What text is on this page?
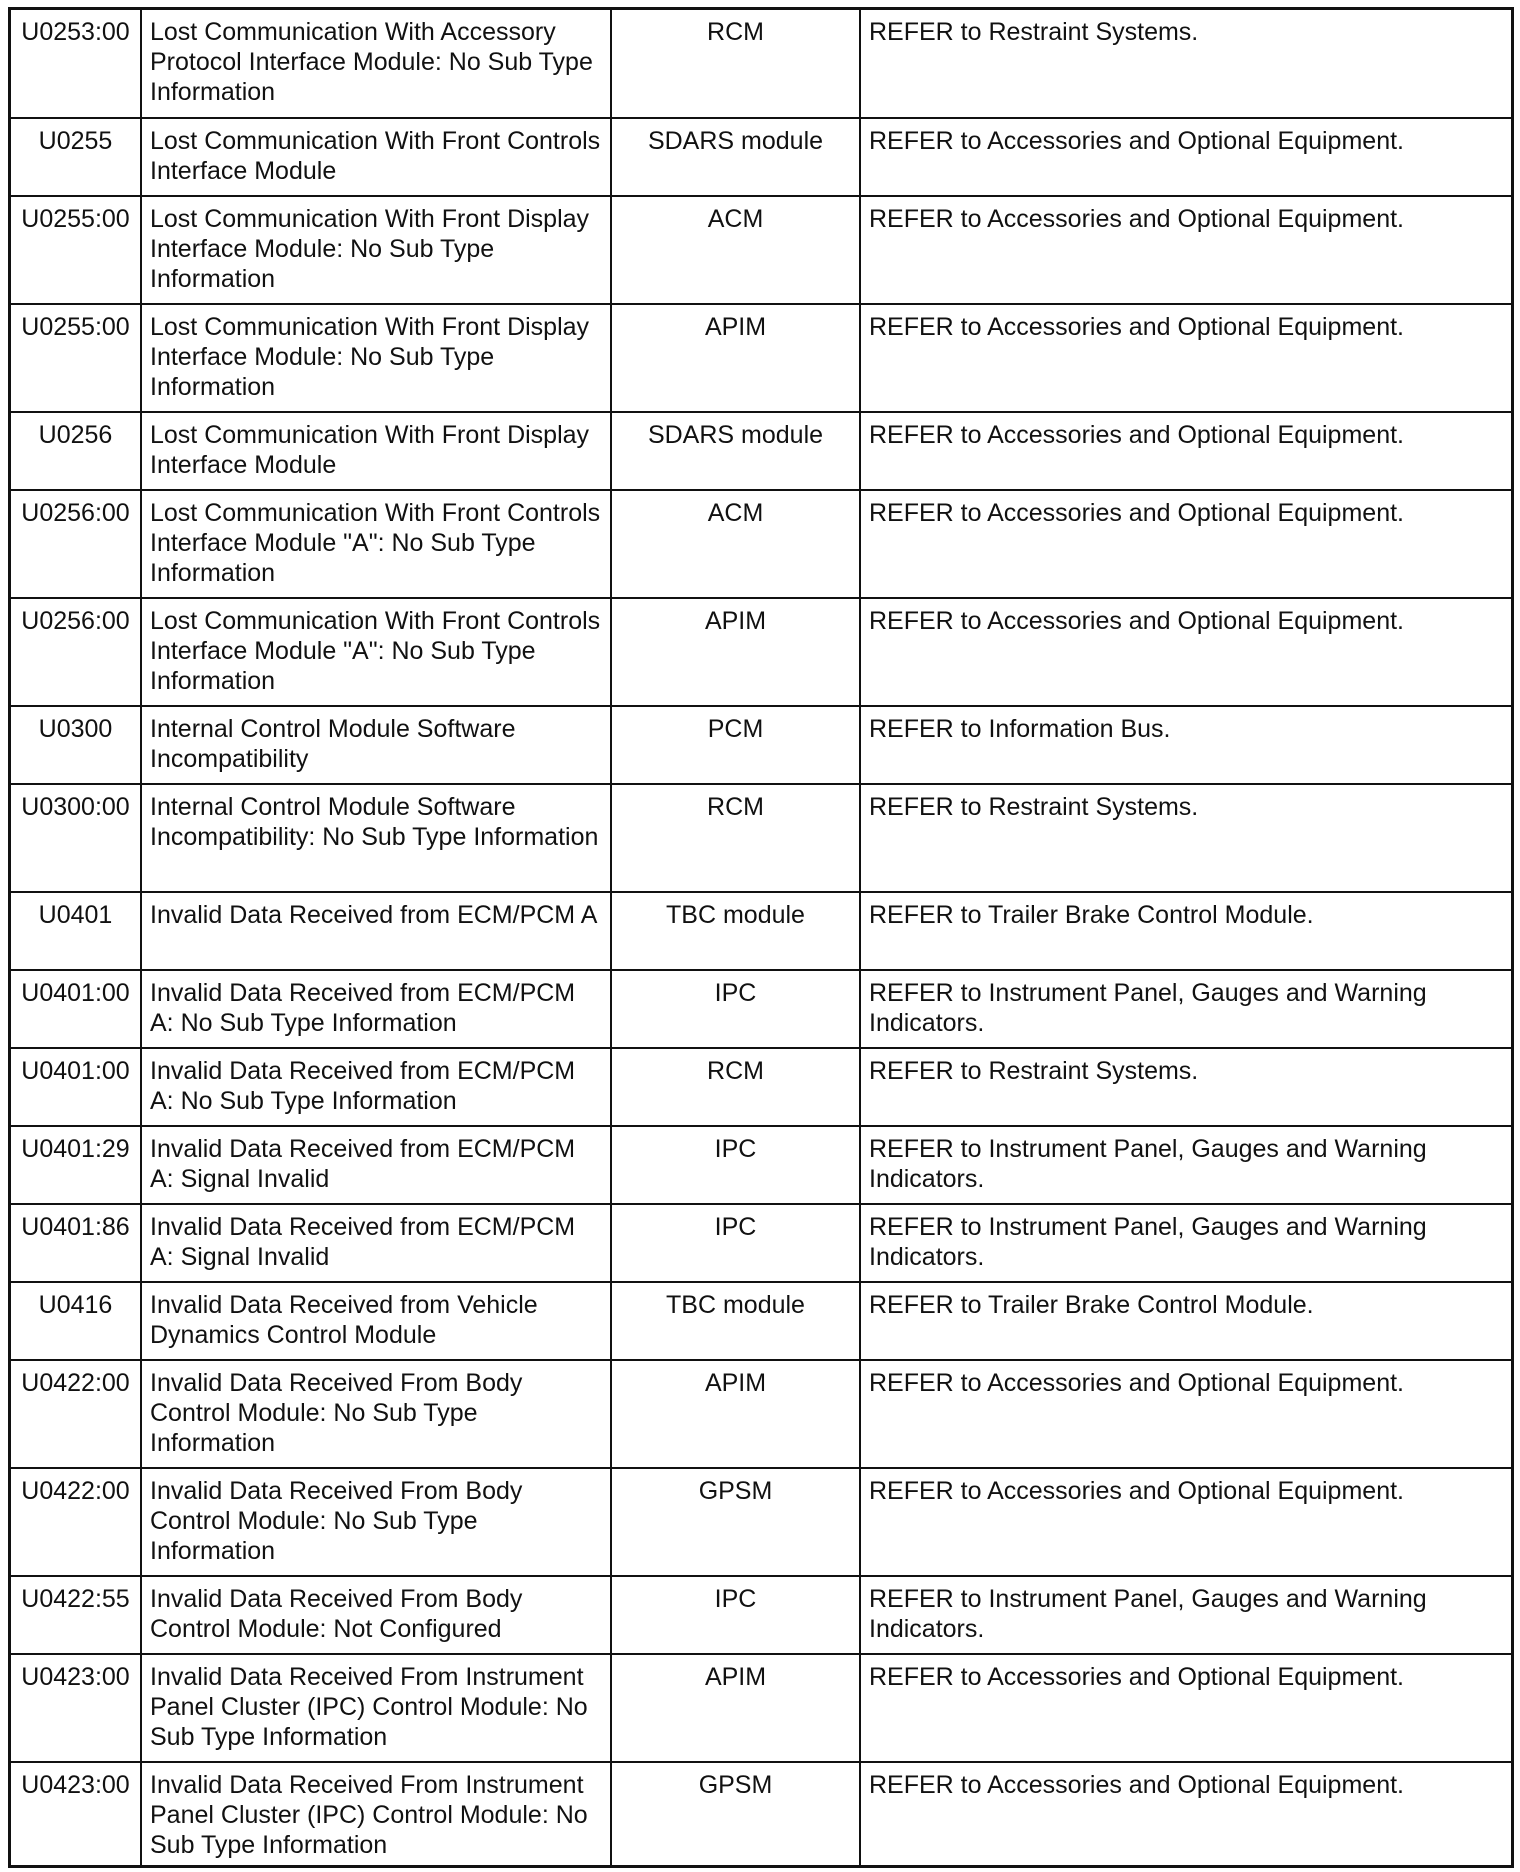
U0253:00	Lost Communication With Accessory Protocol Interface Module: No Sub Type Information	RCM	REFER to Restraint Systems.
U0255	Lost Communication With Front Controls Interface Module	SDARS module	REFER to Accessories and Optional Equipment.
U0255:00	Lost Communication With Front Display Interface Module: No Sub Type Information	ACM	REFER to Accessories and Optional Equipment.
U0255:00	Lost Communication With Front Display Interface Module: No Sub Type Information	APIM	REFER to Accessories and Optional Equipment.
U0256	Lost Communication With Front Display Interface Module	SDARS module	REFER to Accessories and Optional Equipment.
U0256:00	Lost Communication With Front Controls Interface Module "A": No Sub Type Information	ACM	REFER to Accessories and Optional Equipment.
U0256:00	Lost Communication With Front Controls Interface Module "A": No Sub Type Information	APIM	REFER to Accessories and Optional Equipment.
U0300	Internal Control Module Software Incompatibility	PCM	REFER to Information Bus.
U0300:00	Internal Control Module Software Incompatibility: No Sub Type Information	RCM	REFER to Restraint Systems.
U0401	Invalid Data Received from ECM/PCM A	TBC module	REFER to Trailer Brake Control Module.
U0401:00	Invalid Data Received from ECM/PCM A: No Sub Type Information	IPC	REFER to Instrument Panel, Gauges and Warning Indicators.
U0401:00	Invalid Data Received from ECM/PCM A: No Sub Type Information	RCM	REFER to Restraint Systems.
U0401:29	Invalid Data Received from ECM/PCM A: Signal Invalid	IPC	REFER to Instrument Panel, Gauges and Warning Indicators.
U0401:86	Invalid Data Received from ECM/PCM A: Signal Invalid	IPC	REFER to Instrument Panel, Gauges and Warning Indicators.
U0416	Invalid Data Received from Vehicle Dynamics Control Module	TBC module	REFER to Trailer Brake Control Module.
U0422:00	Invalid Data Received From Body Control Module: No Sub Type Information	APIM	REFER to Accessories and Optional Equipment.
U0422:00	Invalid Data Received From Body Control Module: No Sub Type Information	GPSM	REFER to Accessories and Optional Equipment.
U0422:55	Invalid Data Received From Body Control Module: Not Configured	IPC	REFER to Instrument Panel, Gauges and Warning Indicators.
U0423:00	Invalid Data Received From Instrument Panel Cluster (IPC) Control Module: No Sub Type Information	APIM	REFER to Accessories and Optional Equipment.
U0423:00	Invalid Data Received From Instrument Panel Cluster (IPC) Control Module: No Sub Type Information	GPSM	REFER to Accessories and Optional Equipment.
